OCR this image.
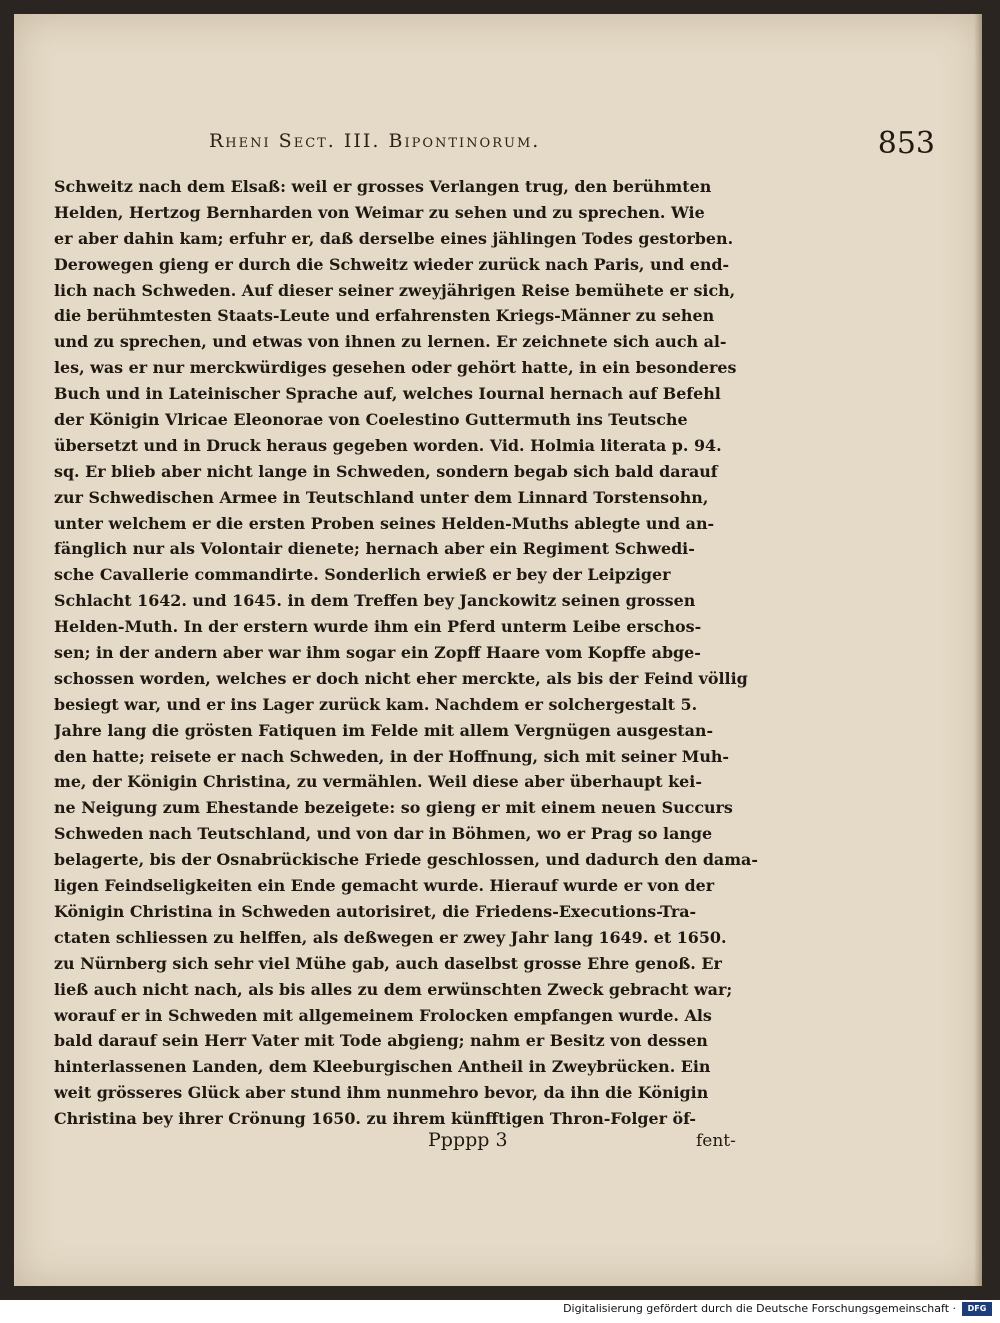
Rheni Sect. III. Bipontinorum.	853
Schweitz nach dem Elsaß: weil er grosses Verlangen trug, den berühmten
Helden, Hertzog Bernharden von Weimar zu sehen und zu sprechen. Wie
er aber dahin kam; erfuhr er, daß derselbe eines jählingen Todes gestorben.
Derowegen gieng er durch die Schweitz wieder zurück nach Paris, und end-
lich nach Schweden. Auf dieser seiner zweyjährigen Reise bemühete er sich,
die berühmtesten Staats-Leute und erfahrensten Kriegs-Männer zu sehen
und zu sprechen, und etwas von ihnen zu lernen. Er zeichnete sich auch al-
les, was er nur merckwürdiges gesehen oder gehört hatte, in ein besonderes
Buch und in Lateinischer Sprache auf, welches Iournal hernach auf Befehl
der Königin Vlricae Eleonorae von Coelestino Guttermuth ins Teutsche
übersetzt und in Druck heraus gegeben worden. Vid. Holmia literata p. 94.
sq. Er blieb aber nicht lange in Schweden, sondern begab sich bald darauf
zur Schwedischen Armee in Teutschland unter dem Linnard Torstensohn,
unter welchem er die ersten Proben seines Helden-Muths ablegte und an-
fänglich nur als Volontair dienete; hernach aber ein Regiment Schwedi-
sche Cavallerie commandirte. Sonderlich erwieß er bey der Leipziger
Schlacht 1642. und 1645. in dem Treffen bey Janckowitz seinen grossen
Helden-Muth. In der erstern wurde ihm ein Pferd unterm Leibe erschos-
sen; in der andern aber war ihm sogar ein Zopff Haare vom Kopffe abge-
schossen worden, welches er doch nicht eher merckte, als bis der Feind völlig
besiegt war, und er ins Lager zurück kam. Nachdem er solchergestalt 5.
Jahre lang die grösten Fatiquen im Felde mit allem Vergnügen ausgestan-
den hatte; reisete er nach Schweden, in der Hoffnung, sich mit seiner Muh-
me, der Königin Christina, zu vermählen. Weil diese aber überhaupt kei-
ne Neigung zum Ehestande bezeigete: so gieng er mit einem neuen Succurs
Schweden nach Teutschland, und von dar in Böhmen, wo er Prag so lange
belagerte, bis der Osnabrückische Friede geschlossen, und dadurch den dama-
ligen Feindseligkeiten ein Ende gemacht wurde. Hierauf wurde er von der
Königin Christina in Schweden autorisiret, die Friedens-Executions-Tra-
ctaten schliessen zu helffen, als deßwegen er zwey Jahr lang 1649. et 1650.
zu Nürnberg sich sehr viel Mühe gab, auch daselbst grosse Ehre genoß. Er
ließ auch nicht nach, als bis alles zu dem erwünschten Zweck gebracht war;
worauf er in Schweden mit allgemeinem Frolocken empfangen wurde. Als
bald darauf sein Herr Vater mit Tode abgieng; nahm er Besitz von dessen
hinterlassenen Landen, dem Kleeburgischen Antheil in Zweybrücken. Ein
weit grösseres Glück aber stund ihm nunmehro bevor, da ihn die Königin
Christina bey ihrer Crönung 1650. zu ihrem künfftigen Thron-Folger öf-
Ppppp 3	fent-
Digitalisierung gefördert durch die Deutsche Forschungsgemeinschaft ·	DFG
